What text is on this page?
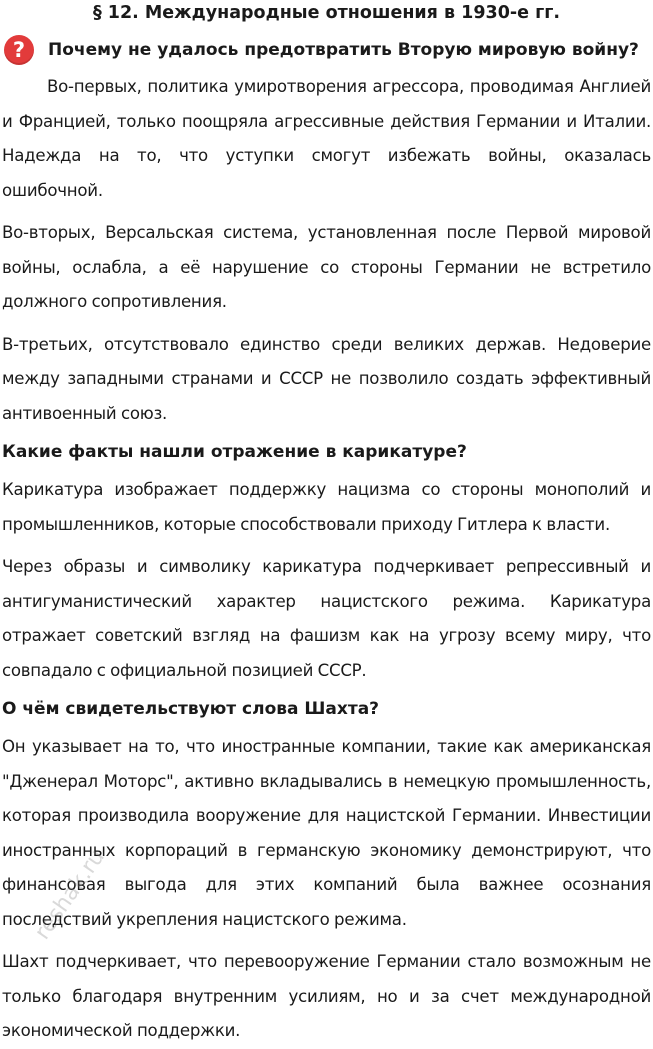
§ 12. Международные отношения в 1930-е гг.
?	Почему не удалось предотвратить Вторую мировую войну?

Во-первых, политика умиротворения агрессора, проводимая Англией и Францией, только поощряла агрессивные действия Германии и Италии. Надежда на то, что уступки смогут избежать войны, оказалась ошибочной.

Во-вторых, Версальская система, установленная после Первой мировой войны, ослабла, а её нарушение со стороны Германии не встретило должного сопротивления.

В-третьих, отсутствовало единство среди великих держав. Недоверие между западными странами и СССР не позволило создать эффективный антивоенный союз.

Какие факты нашли отражение в карикатуре?

Карикатура изображает поддержку нацизма со стороны монополий и промышленников, которые способствовали приходу Гитлера к власти.

Через образы и символику карикатура подчеркивает репрессивный и антигуманистический характер нацистского режима. Карикатура отражает советский взгляд на фашизм как на угрозу всему миру, что совпадало с официальной позицией СССР.

О чём свидетельствуют слова Шахта?

Он указывает на то, что иностранные компании, такие как американская "Дженерал Моторс", активно вкладывались в немецкую промышленность, которая производила вооружение для нацистской Германии. Инвестиции иностранных корпораций в германскую экономику демонстрируют, что финансовая выгода для этих компаний была важнее осознания последствий укрепления нацистского режима.

Шахт подчеркивает, что перевооружение Германии стало возможным не только благодаря внутренним усилиям, но и за счет международной экономической поддержки.

reshak.ru
